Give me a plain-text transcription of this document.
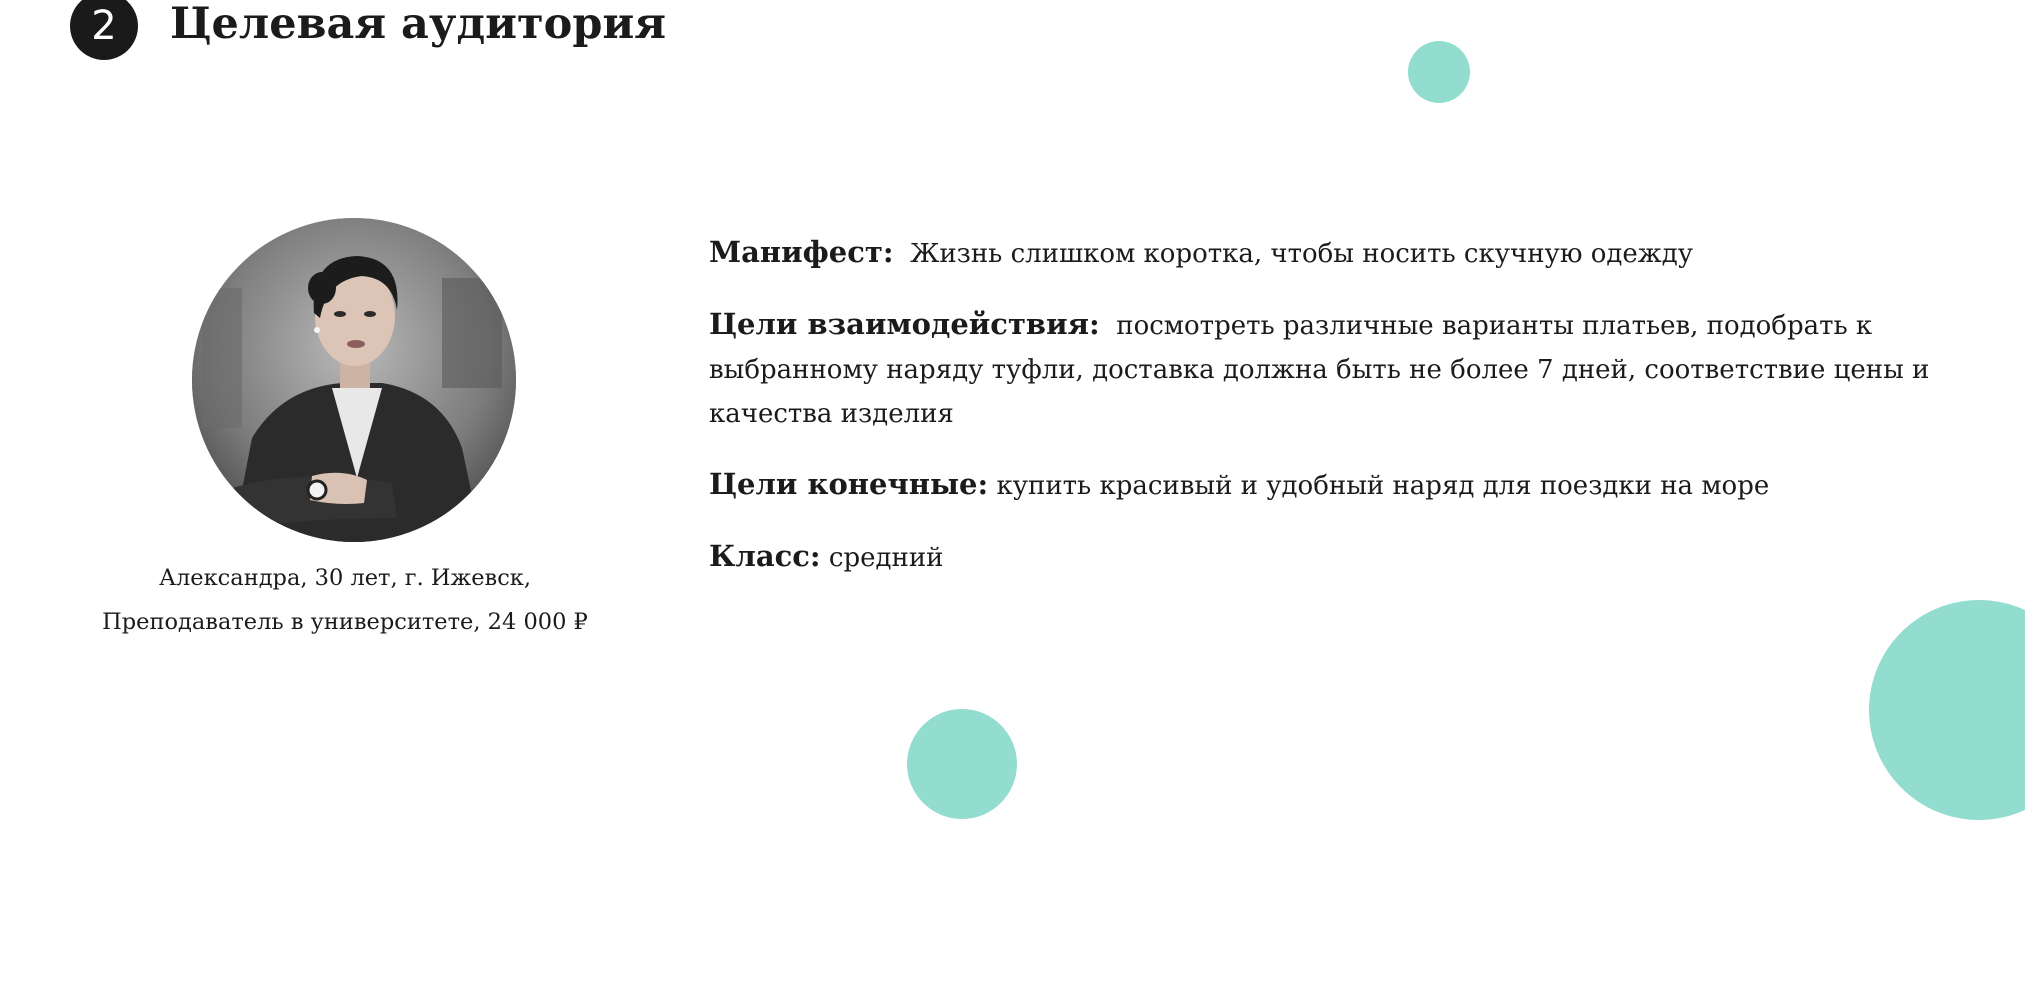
2	Целевая аудитория
Александра, 30 лет, г. Ижевск,
Преподаватель в университете, 24 000 ₽

Манифест: Жизнь слишком коротка, чтобы носить скучную одежду

Цели взаимодействия: посмотреть различные варианты платьев, подобрать к выбранному наряду туфли, доставка должна быть не более 7 дней, соответствие цены и качества изделия

Цели конечные: купить красивый и удобный наряд для поездки на море

Класс: средний
